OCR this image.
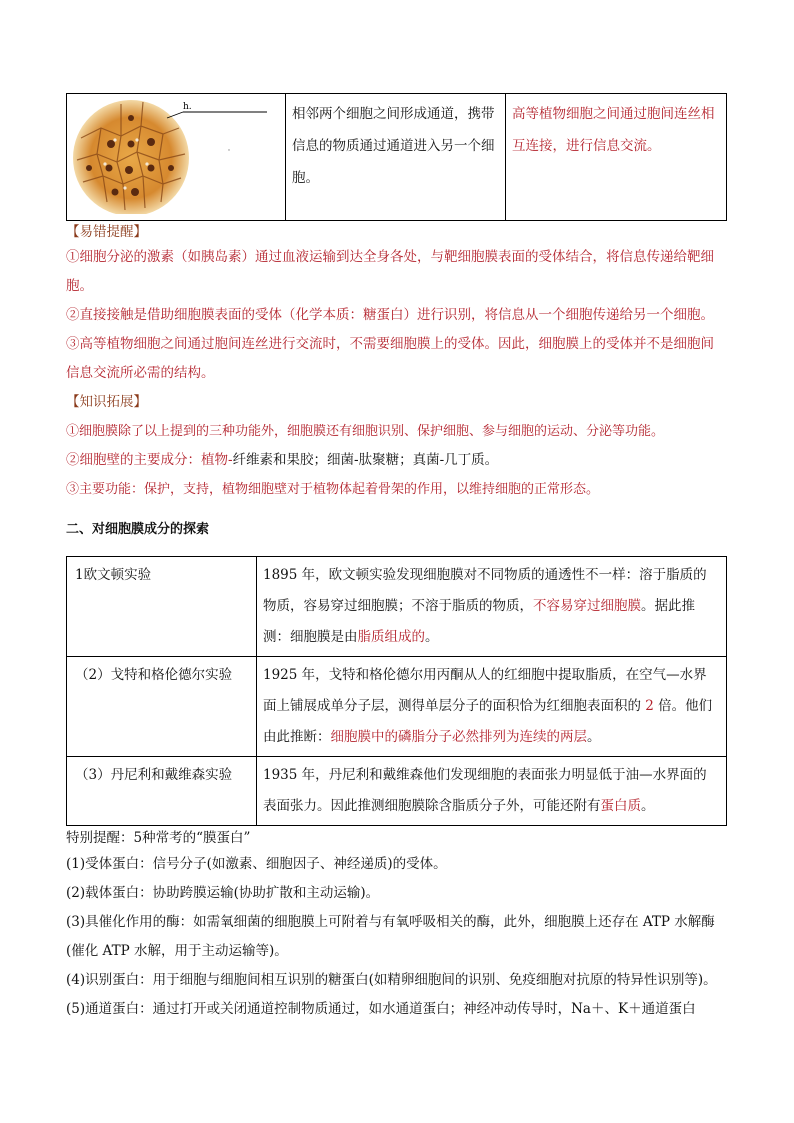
h.	相邻两个细胞之间形成通道，携带信息的物质通过通道进入另一个细胞。	高等植物细胞之间通过胞间连丝相互连接，进行信息交流。

【易错提醒】

①细胞分泌的激素（如胰岛素）通过血液运输到达全身各处，与靶细胞膜表面的受体结合，将信息传递给靶细胞。

②直接接触是借助细胞膜表面的受体（化学本质：糖蛋白）进行识别，将信息从一个细胞传递给另一个细胞。

③高等植物细胞之间通过胞间连丝进行交流时，不需要细胞膜上的受体。因此，细胞膜上的受体并不是细胞间信息交流所必需的结构。

【知识拓展】

①细胞膜除了以上提到的三种功能外，细胞膜还有细胞识别、保护细胞、参与细胞的运动、分泌等功能。

②细胞壁的主要成分：植物-纤维素和果胶；细菌-肽聚糖；真菌-几丁质。

③主要功能：保护，支持，植物细胞壁对于植物体起着骨架的作用，以维持细胞的正常形态。

二、对细胞膜成分的探索

1欧文顿实验	1895 年，欧文顿实验发现细胞膜对不同物质的通透性不一样：溶于脂质的物质，容易穿过细胞膜；不溶于脂质的物质，不容易穿过细胞膜。据此推测：细胞膜是由脂质组成的。
（2）戈特和格伦德尔实验	1925 年，戈特和格伦德尔用丙酮从人的红细胞中提取脂质，在空气—水界面上铺展成单分子层，测得单层分子的面积恰为红细胞表面积的 2 倍。他们由此推断：细胞膜中的磷脂分子必然排列为连续的两层。
（3）丹尼利和戴维森实验	1935 年，丹尼利和戴维森他们发现细胞的表面张力明显低于油—水界面的表面张力。因此推测细胞膜除含脂质分子外，可能还附有蛋白质。

特别提醒：5种常考的“膜蛋白”

(1)受体蛋白：信号分子(如激素、细胞因子、神经递质)的受体。

(2)载体蛋白：协助跨膜运输(协助扩散和主动运输)。

(3)具催化作用的酶：如需氧细菌的细胞膜上可附着与有氧呼吸相关的酶，此外，细胞膜上还存在 ATP 水解酶(催化 ATP 水解，用于主动运输等)。

(4)识别蛋白：用于细胞与细胞间相互识别的糖蛋白(如精卵细胞间的识别、免疫细胞对抗原的特异性识别等)。

(5)通道蛋白：通过打开或关闭通道控制物质通过，如水通道蛋白；神经冲动传导时，Na＋、K＋通道蛋白
